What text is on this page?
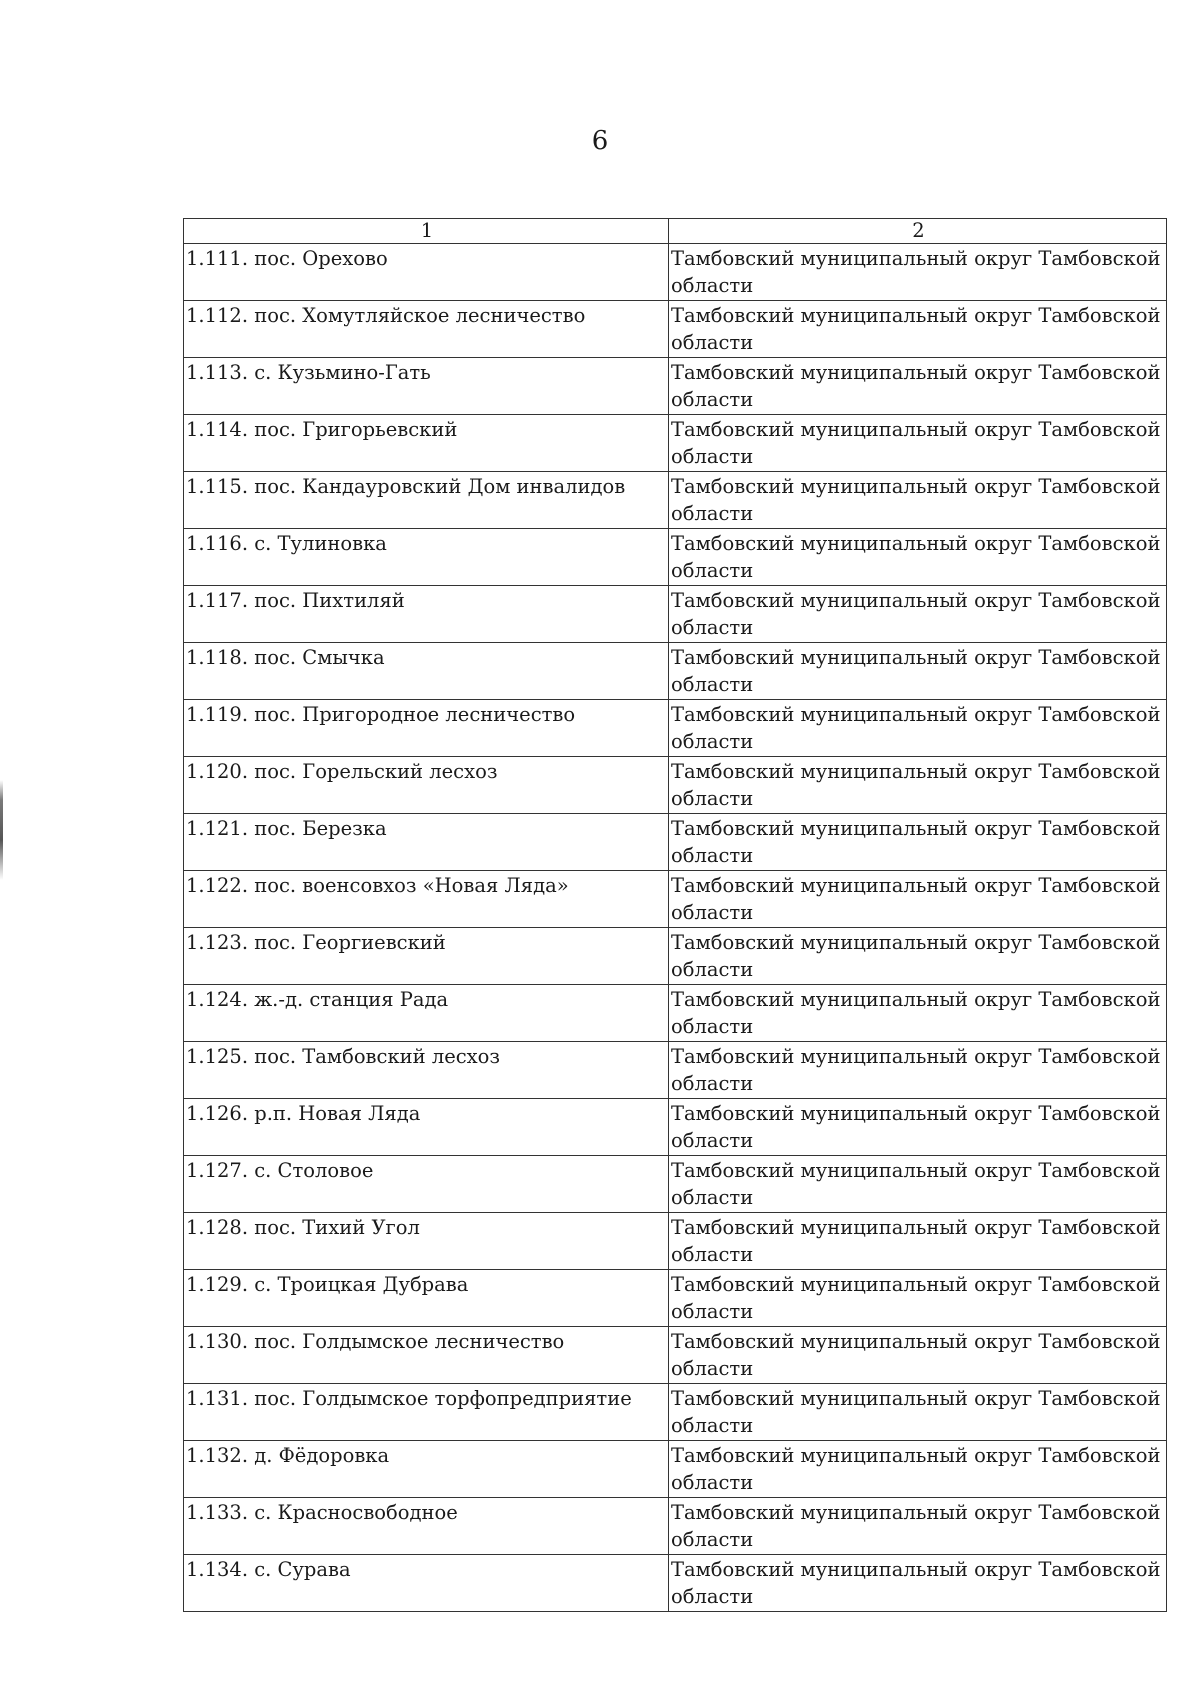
6
1	2
1.111. пос. Орехово	Тамбовский муниципальный округ Тамбовской области
1.112. пос. Хомутляйское лесничество	Тамбовский муниципальный округ Тамбовской области
1.113. с. Кузьмино-Гать	Тамбовский муниципальный округ Тамбовской области
1.114. пос. Григорьевский	Тамбовский муниципальный округ Тамбовской области
1.115. пос. Кандауровский Дом инвалидов	Тамбовский муниципальный округ Тамбовской области
1.116. с. Тулиновка	Тамбовский муниципальный округ Тамбовской области
1.117. пос. Пихтиляй	Тамбовский муниципальный округ Тамбовской области
1.118. пос. Смычка	Тамбовский муниципальный округ Тамбовской области
1.119. пос. Пригородное лесничество	Тамбовский муниципальный округ Тамбовской области
1.120. пос. Горельский лесхоз	Тамбовский муниципальный округ Тамбовской области
1.121. пос. Березка	Тамбовский муниципальный округ Тамбовской области
1.122. пос. военсовхоз «Новая Ляда»	Тамбовский муниципальный округ Тамбовской области
1.123. пос. Георгиевский	Тамбовский муниципальный округ Тамбовской области
1.124. ж.-д. станция Рада	Тамбовский муниципальный округ Тамбовской области
1.125. пос. Тамбовский лесхоз	Тамбовский муниципальный округ Тамбовской области
1.126. р.п. Новая Ляда	Тамбовский муниципальный округ Тамбовской области
1.127. с. Столовое	Тамбовский муниципальный округ Тамбовской области
1.128. пос. Тихий Угол	Тамбовский муниципальный округ Тамбовской области
1.129. с. Троицкая Дубрава	Тамбовский муниципальный округ Тамбовской области
1.130. пос. Голдымское лесничество	Тамбовский муниципальный округ Тамбовской области
1.131. пос. Голдымское торфопредприятие	Тамбовский муниципальный округ Тамбовской области
1.132. д. Фёдоровка	Тамбовский муниципальный округ Тамбовской области
1.133. с. Красносвободное	Тамбовский муниципальный округ Тамбовской области
1.134. с. Сурава	Тамбовский муниципальный округ Тамбовской области
